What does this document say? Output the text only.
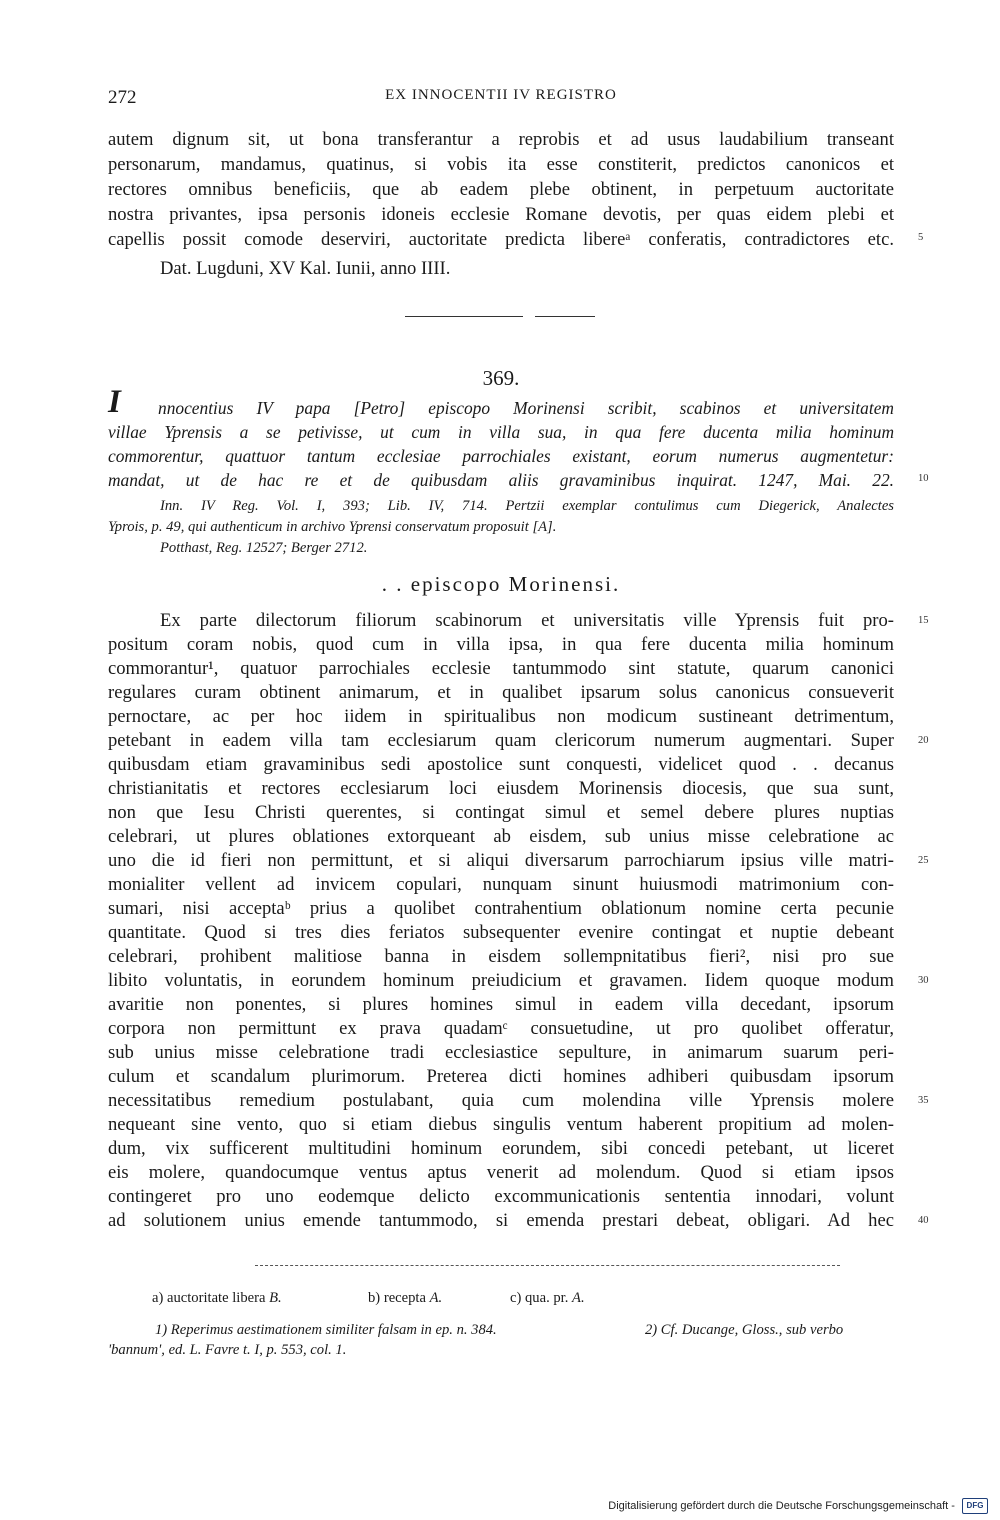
272	EX INNOCENTII IV REGISTRO
autem dignum sit, ut bona transferantur a reprobis et ad usus laudabilium transeant
personarum, mandamus, quatinus, si vobis ita esse constiterit, predictos canonicos et
rectores omnibus beneficiis, que ab eadem plebe obtinent, in perpetuum auctoritate
nostra privantes, ipsa personis idoneis ecclesie Romane devotis, per quas eidem plebi et
capellis possit comode deserviri, auctoritate predicta libereᵃ conferatis, contradictores etc.
Dat. Lugduni, XV Kal. Iunii, anno IIII.
369.
I nnocentius IV papa [Petro] episcopo Morinensi scribit, scabinos et universitatem
villae Yprensis a se petivisse, ut cum in villa sua, in qua fere ducenta milia hominum
commorentur, quattuor tantum ecclesiae parrochiales existant, eorum numerus augmentetur:
mandat, ut de hac re et de quibusdam aliis gravaminibus inquirat. 1247, Mai. 22.
Inn. IV Reg. Vol. I, 393; Lib. IV, 714. Pertzii exemplar contulimus cum Diegerick, Analectes
Yprois, p. 49, qui authenticum in archivo Yprensi conservatum proposuit [A].
Potthast, Reg. 12527; Berger 2712.
. . episcopo Morinensi.
Ex parte dilectorum filiorum scabinorum et universitatis ville Yprensis fuit pro-
positum coram nobis, quod cum in villa ipsa, in qua fere ducenta milia hominum
commorantur¹, quatuor parrochiales ecclesie tantummodo sint statute, quarum canonici
regulares curam obtinent animarum, et in qualibet ipsarum solus canonicus consueverit
pernoctare, ac per hoc iidem in spiritualibus non modicum sustineant detrimentum,
petebant in eadem villa tam ecclesiarum quam clericorum numerum augmentari. Super
quibusdam etiam gravaminibus sedi apostolice sunt conquesti, videlicet quod . . decanus
christianitatis et rectores ecclesiarum loci eiusdem Morinensis diocesis, que sua sunt,
non que Iesu Christi querentes, si contingat simul et semel debere plures nuptias
celebrari, ut plures oblationes extorqueant ab eisdem, sub unius misse celebratione ac
uno die id fieri non permittunt, et si aliqui diversarum parrochiarum ipsius ville matri-
monialiter vellent ad invicem copulari, nunquam sinunt huiusmodi matrimonium con-
sumari, nisi acceptaᵇ prius a quolibet contrahentium oblationum nomine certa pecunie
quantitate. Quod si tres dies feriatos subsequenter evenire contingat et nuptie debeant
celebrari, prohibent malitiose banna in eisdem sollempnitatibus fieri², nisi pro sue
libito voluntatis, in eorundem hominum preiudicium et gravamen. Iidem quoque modum
avaritie non ponentes, si plures homines simul in eadem villa decedant, ipsorum
corpora non permittunt ex prava quadamᶜ consuetudine, ut pro quolibet offeratur,
sub unius misse celebratione tradi ecclesiastice sepulture, in animarum suarum peri-
culum et scandalum plurimorum. Preterea dicti homines adhiberi quibusdam ipsorum
necessitatibus remedium postulabant, quia cum molendina ville Yprensis molere
nequeant sine vento, quo si etiam diebus singulis ventum haberent propitium ad molen-
dum, vix sufficerent multitudini hominum eorundem, sibi concedi petebant, ut liceret
eis molere, quandocumque ventus aptus venerit ad molendum. Quod si etiam ipsos
contingeret pro uno eodemque delicto excommunicationis sententia innodari, volunt
ad solutionem unius emende tantummodo, si emenda prestari debeat, obligari. Ad hec
5
10
15
20
25
30
35
40
a) auctoritate libera B.	b) recepta A.	c) qua. pr. A.
1) Reperimus aestimationem similiter falsam in ep. n. 384.	2) Cf. Ducange, Gloss., sub verbo
'bannum', ed. L. Favre t. I, p. 553, col. 1.
Digitalisierung gefördert durch die Deutsche Forschungsgemeinschaft - DFG
